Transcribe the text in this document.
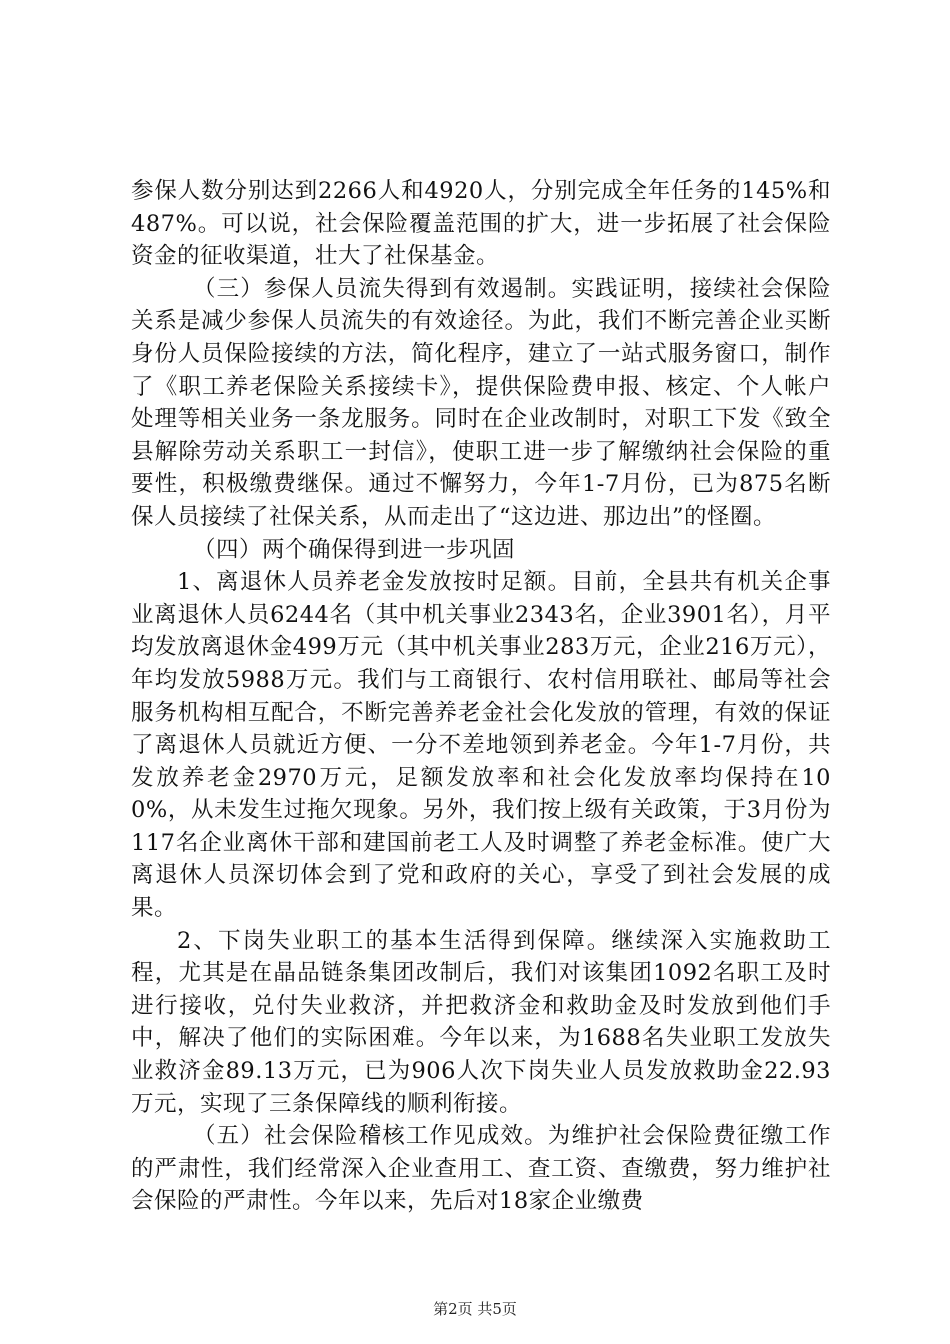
参保人数分别达到2266人和4920人，分别完成全年任务的145%和487%。可以说，社会保险覆盖范围的扩大，进一步拓展了社会保险资金的征收渠道，壮大了社保基金。

（三）参保人员流失得到有效遏制。实践证明，接续社会保险关系是减少参保人员流失的有效途径。为此，我们不断完善企业买断身份人员保险接续的方法，简化程序，建立了一站式服务窗口，制作了《职工养老保险关系接续卡》，提供保险费申报、核定、个人帐户处理等相关业务一条龙服务。同时在企业改制时，对职工下发《致全县解除劳动关系职工一封信》，使职工进一步了解缴纳社会保险的重要性，积极缴费继保。通过不懈努力，今年1-7月份，已为875名断保人员接续了社保关系，从而走出了“这边进、那边出”的怪圈。

（四）两个确保得到进一步巩固

1、离退休人员养老金发放按时足额。目前，全县共有机关企事业离退休人员6244名（其中机关事业2343名，企业3901名），月平均发放离退休金499万元（其中机关事业283万元，企业216万元），年均发放5988万元。我们与工商银行、农村信用联社、邮局等社会服务机构相互配合，不断完善养老金社会化发放的管理，有效的保证了离退休人员就近方便、一分不差地领到养老金。今年1-7月份，共发放养老金2970万元，足额发放率和社会化发放率均保持在100%，从未发生过拖欠现象。另外，我们按上级有关政策，于3月份为117名企业离休干部和建国前老工人及时调整了养老金标准。使广大离退休人员深切体会到了党和政府的关心，享受了到社会发展的成果。

2、下岗失业职工的基本生活得到保障。继续深入实施救助工程，尤其是在晶品链条集团改制后，我们对该集团1092名职工及时进行接收，兑付失业救济，并把救济金和救助金及时发放到他们手中，解决了他们的实际困难。今年以来，为1688名失业职工发放失业救济金89.13万元，已为906人次下岗失业人员发放救助金22.93万元，实现了三条保障线的顺利衔接。

（五）社会保险稽核工作见成效。为维护社会保险费征缴工作的严肃性，我们经常深入企业查用工、查工资、查缴费，努力维护社会保险的严肃性。今年以来，先后对18家企业缴费

第2页 共5页
